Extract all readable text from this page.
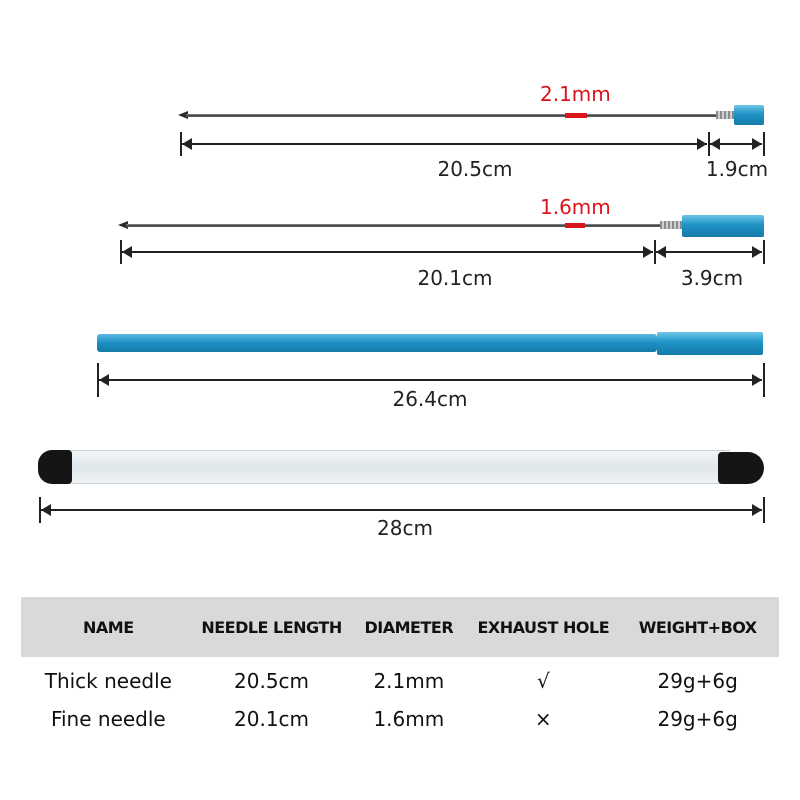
2.1mm
20.5cm	1.9cm
1.6mm
20.1cm	3.9cm
26.4cm
28cm
NAME	NEEDLE LENGTH	DIAMETER	EXHAUST HOLE	WEIGHT+BOX
Thick needle	20.5cm	2.1mm	√	29g+6g
Fine needle	20.1cm	1.6mm	×	29g+6g
